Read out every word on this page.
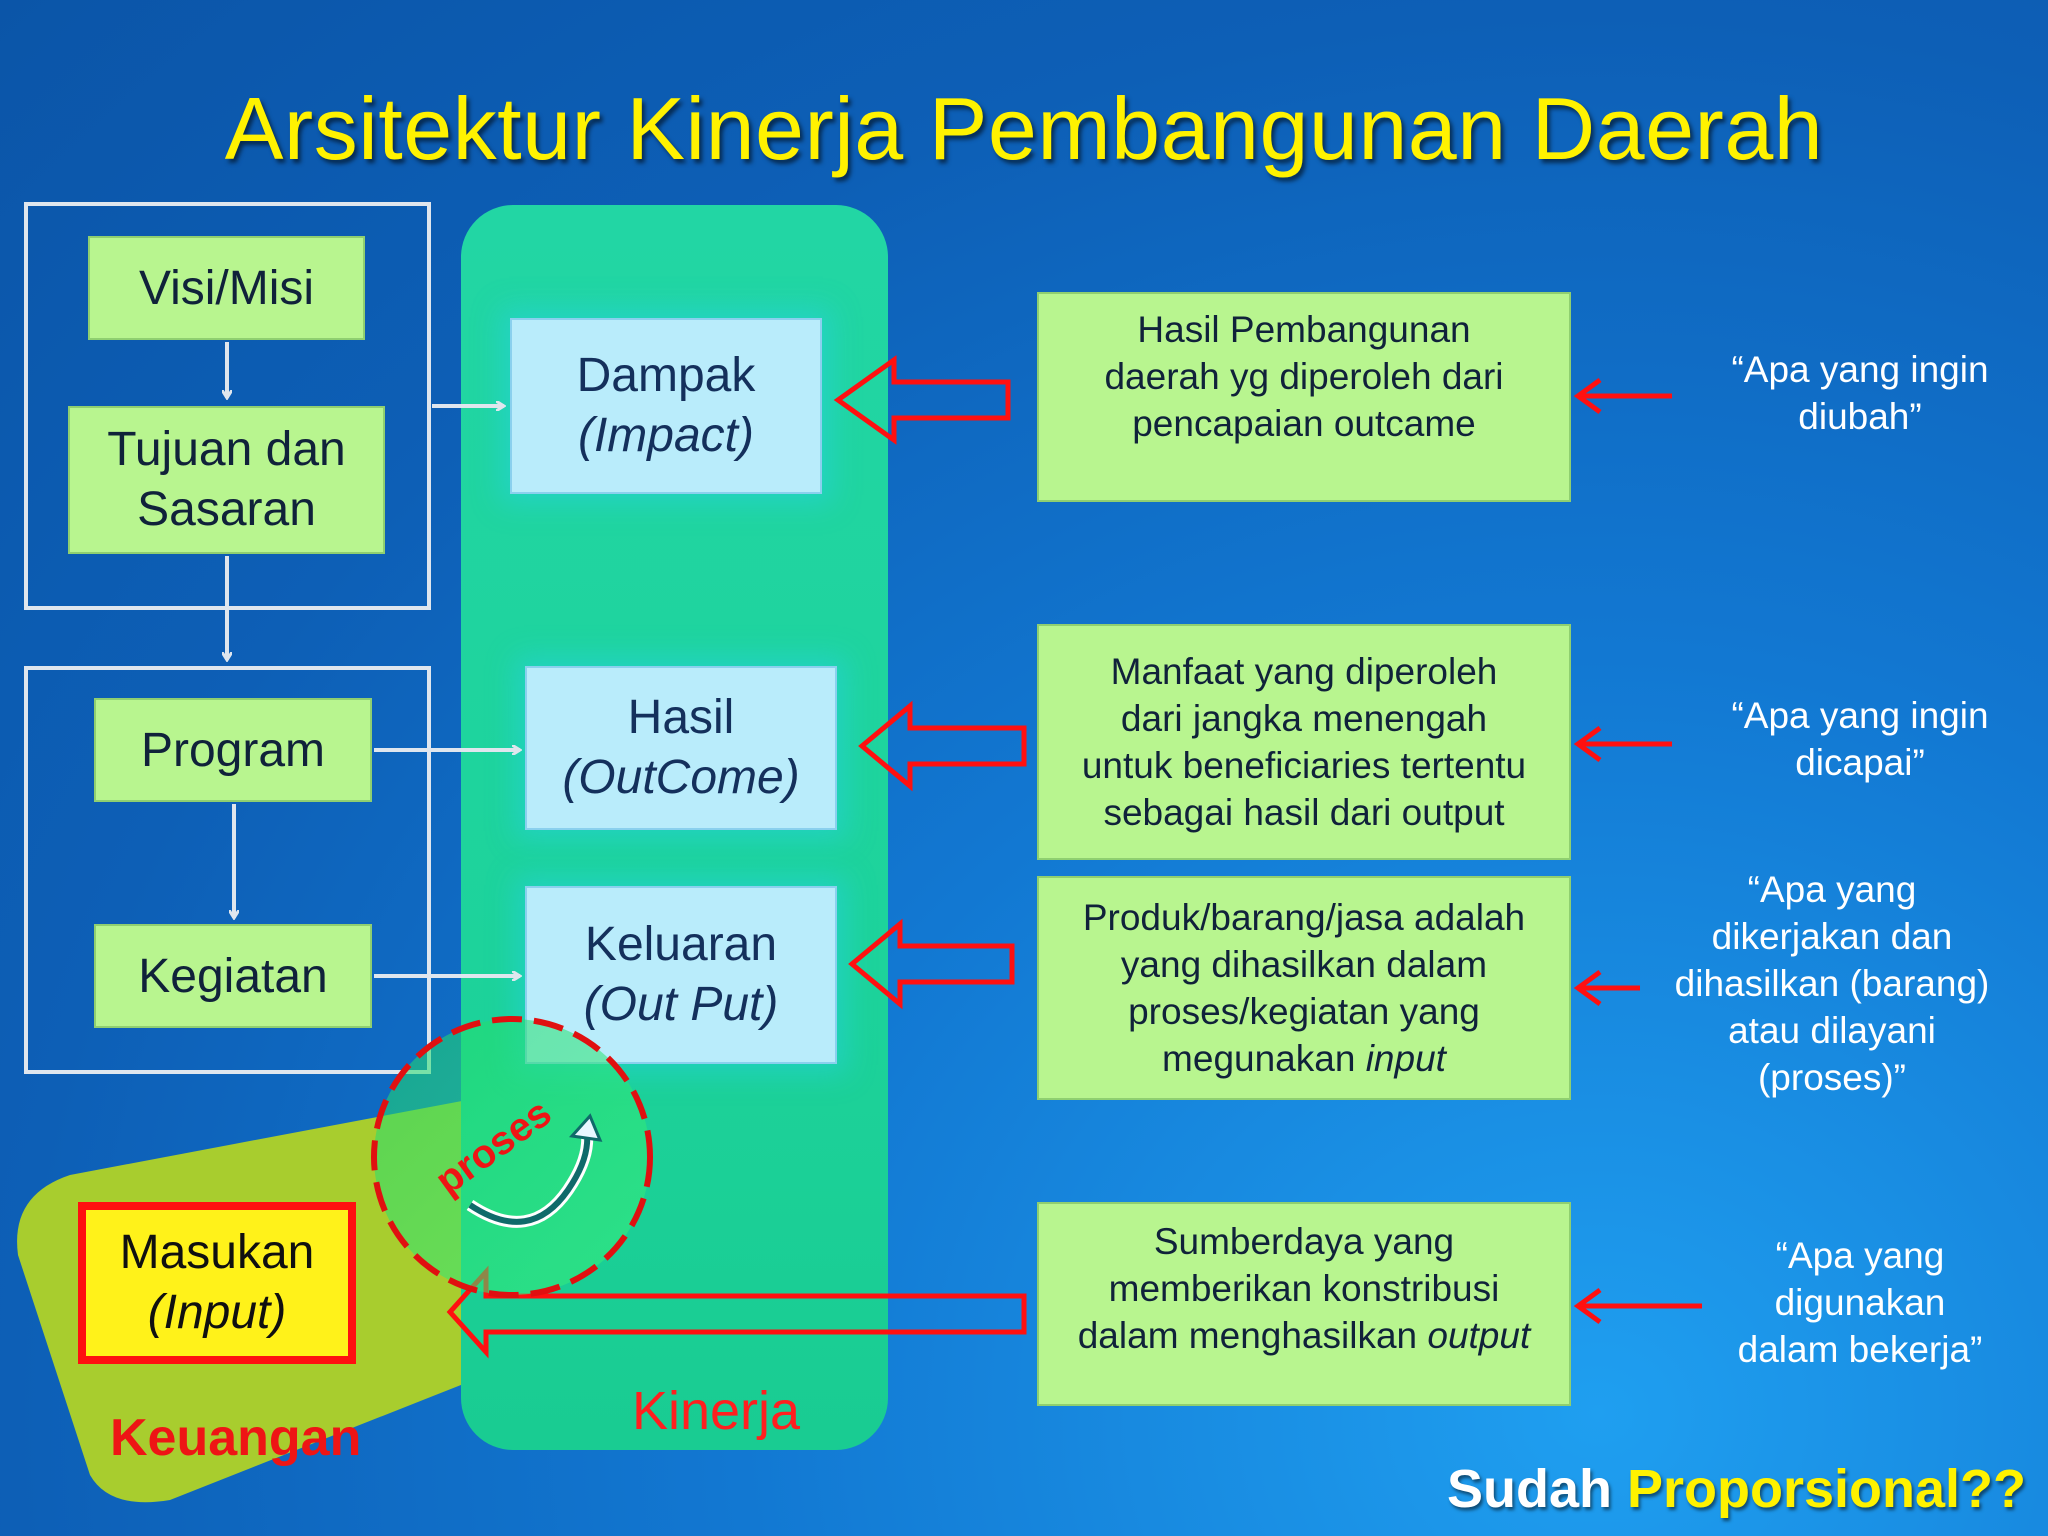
Arsitektur Kinerja Pembangunan Daerah
Visi/Misi
Tujuan dan
Sasaran
Program
Kegiatan
Dampak
(Impact)
Hasil
(OutCome)
Keluaran
(Out Put)
Masukan
(Input)
Hasil Pembangunan
daerah yg diperoleh dari
pencapaian outcame
Manfaat yang diperoleh
dari jangka menengah
untuk beneficiaries tertentu
sebagai hasil dari output
Produk/barang/jasa adalah
yang dihasilkan dalam
proses/kegiatan yang
megunakan input
Sumberdaya yang
memberikan konstribusi
dalam menghasilkan output
“Apa yang ingin
diubah”
“Apa yang ingin
dicapai”
“Apa yang
dikerjakan dan
dihasilkan (barang)
atau dilayani
(proses)”
“Apa yang
digunakan
dalam bekerja”
proses
Kinerja
Keuangan
Sudah Proporsional??
